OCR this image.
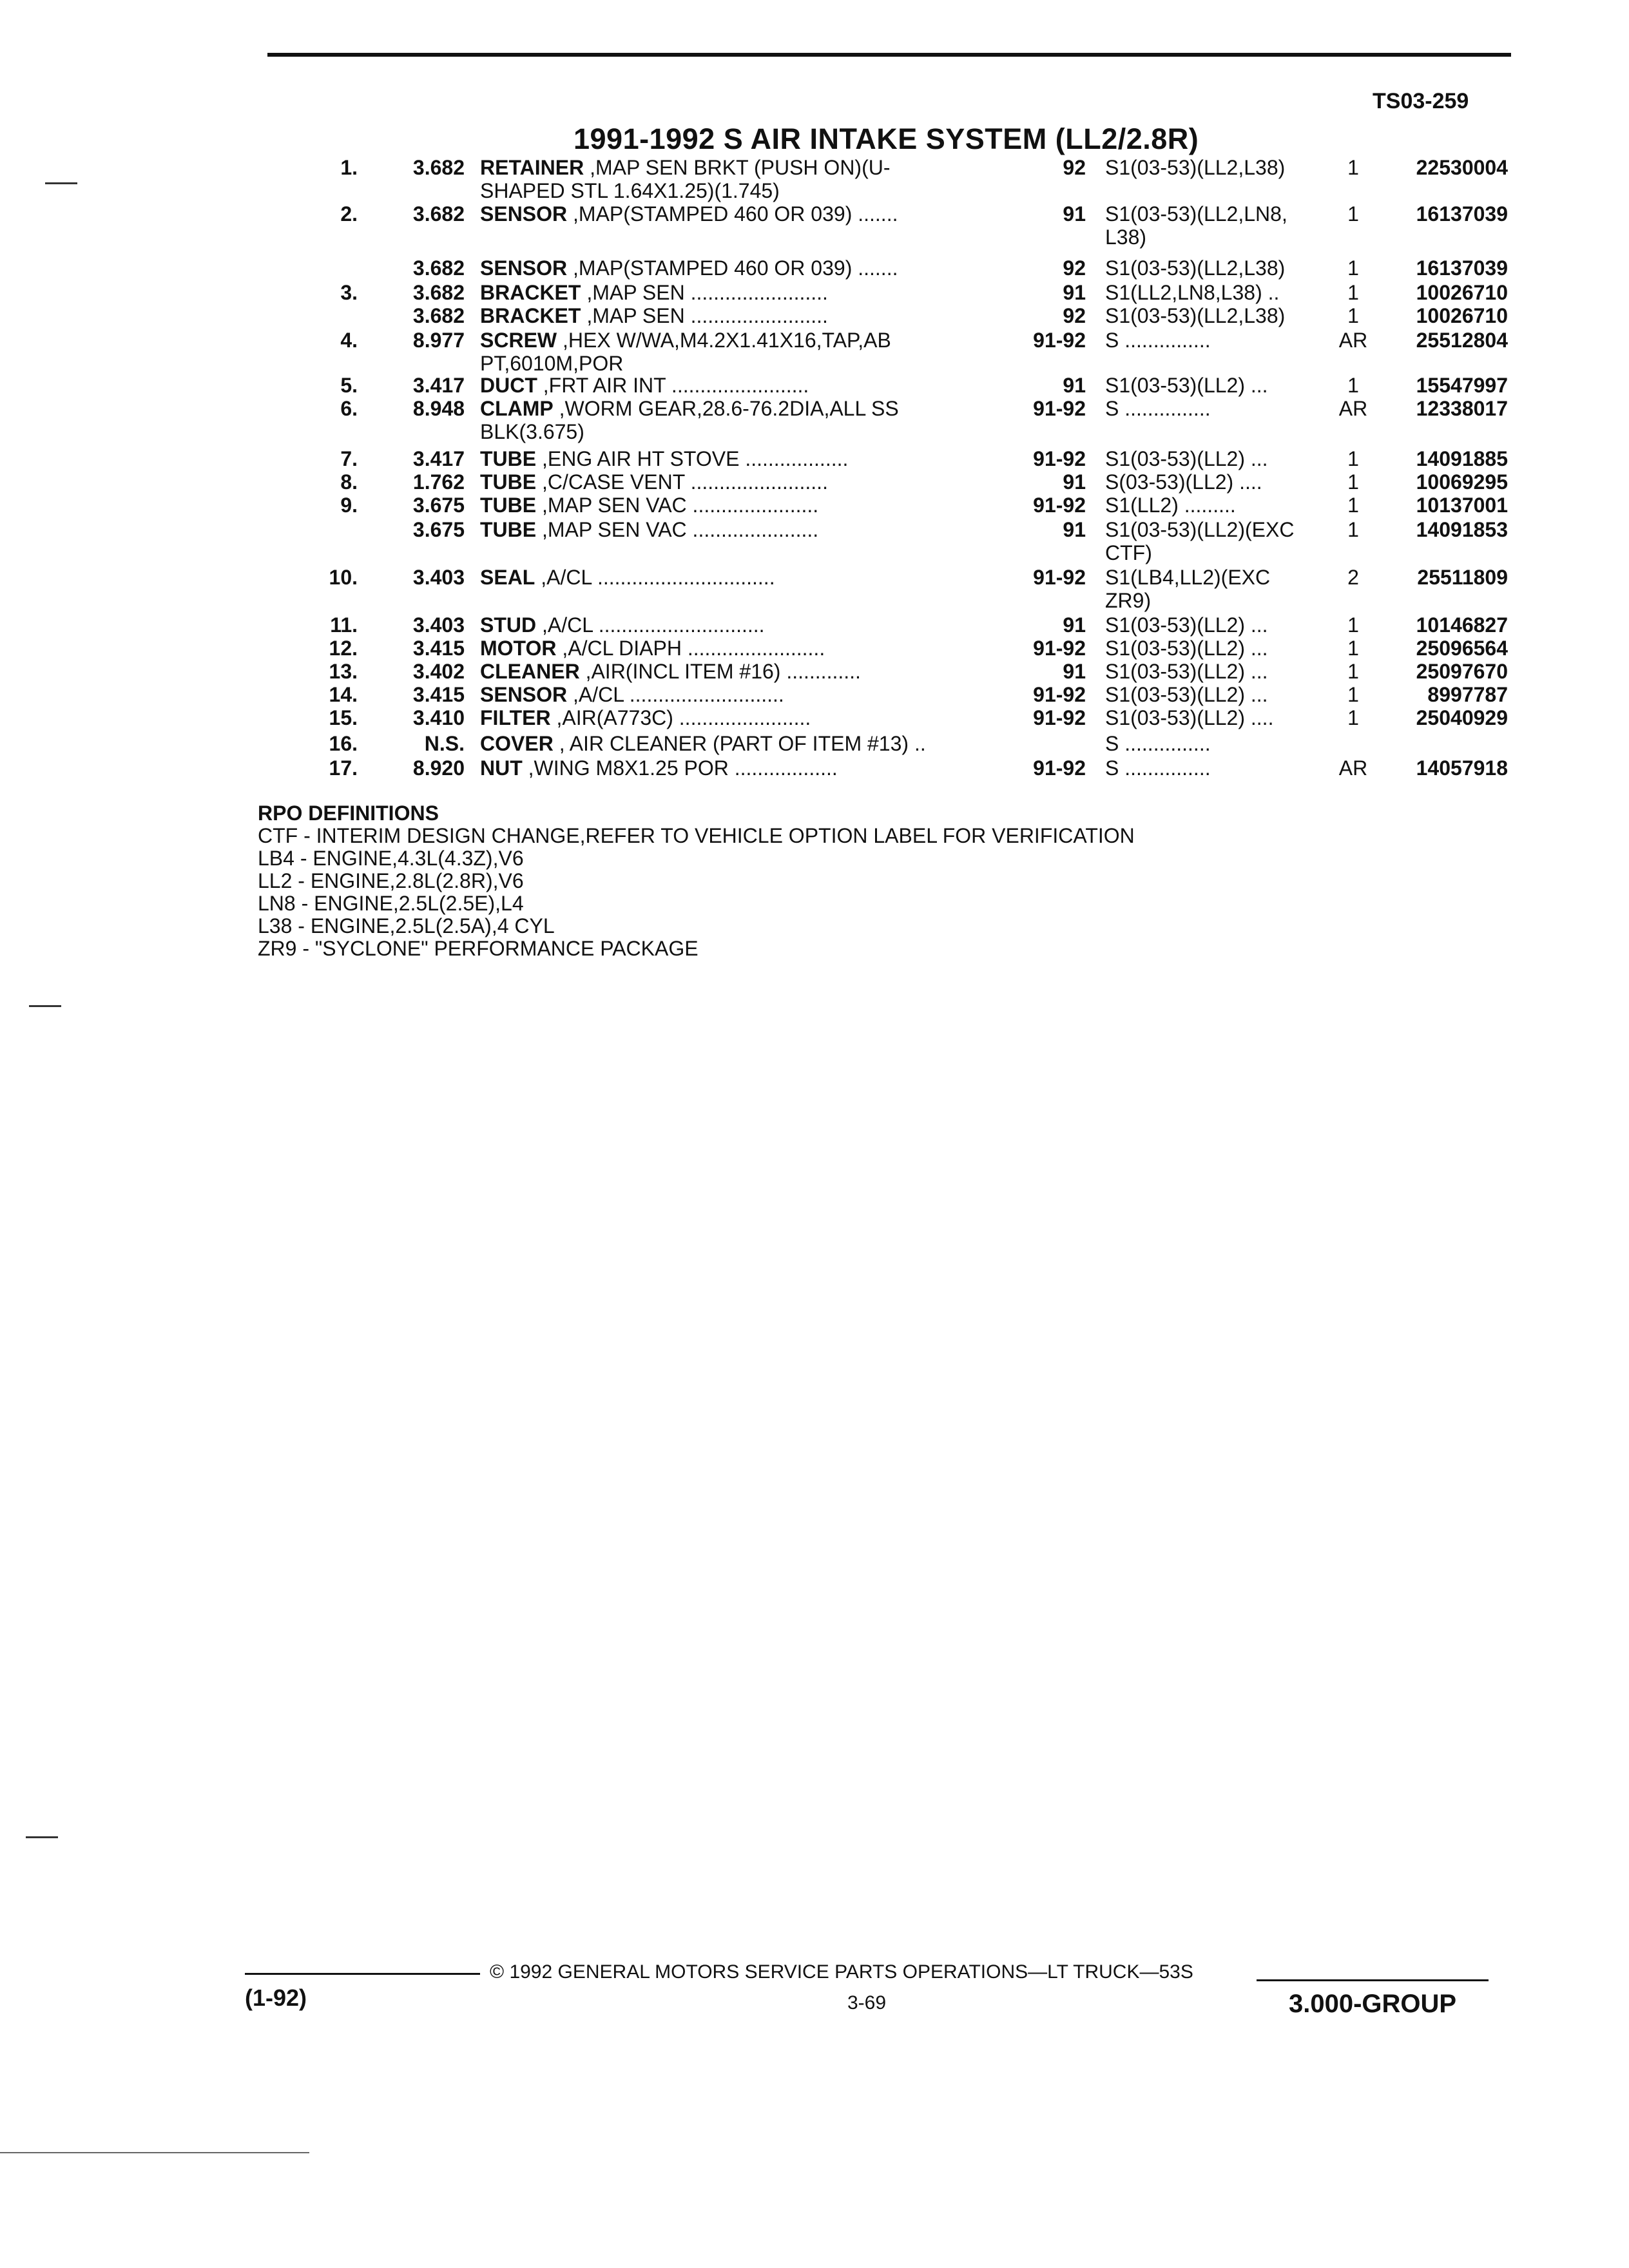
TS03-259
1991-1992 S AIR INTAKE SYSTEM (LL2/2.8R)
1.	3.682 RETAINER ,MAP SEN BRKT (PUSH ON)(U-
SHAPED STL 1.64X1.25)(1.745)
92 S1(03-53)(LL2,L38)	1	22530004
2.	3.682 SENSOR ,MAP(STAMPED 460 OR 039) .......	91 S1(03-53)(LL2,LN8,
L38)
1	16137039
3.682 SENSOR ,MAP(STAMPED 460 OR 039) .......	92 S1(03-53)(LL2,L38)	1	16137039
3.	3.682 BRACKET ,MAP SEN ........................	91 S1(LL2,LN8,L38) ..	1	10026710
3.682 BRACKET ,MAP SEN ........................	92 S1(03-53)(LL2,L38)	1	10026710
4.	8.977 SCREW ,HEX W/WA,M4.2X1.41X16,TAP,AB
PT,6010M,POR
91-92 S ...............	AR	25512804
5.	3.417 DUCT ,FRT AIR INT ........................	91 S1(03-53)(LL2) ...	1	15547997
6.	8.948 CLAMP ,WORM GEAR,28.6-76.2DIA,ALL SS
BLK(3.675)
91-92 S ...............	AR	12338017
7.	3.417 TUBE ,ENG AIR HT STOVE ..................	91-92 S1(03-53)(LL2) ...	1	14091885
8.	1.762 TUBE ,C/CASE VENT ........................	91 S(03-53)(LL2) ....	1	10069295
9.	3.675 TUBE ,MAP SEN VAC ......................	91-92 S1(LL2) .........	1	10137001
3.675 TUBE ,MAP SEN VAC ......................	91 S1(03-53)(LL2)(EXC
CTF)
1	14091853
10.	3.403 SEAL ,A/CL ...............................	91-92 S1(LB4,LL2)(EXC
ZR9)
2	25511809
11.	3.403 STUD ,A/CL .............................	91 S1(03-53)(LL2) ...	1	10146827
12.	3.415 MOTOR ,A/CL DIAPH ........................	91-92 S1(03-53)(LL2) ...	1	25096564
13.	3.402 CLEANER ,AIR(INCL ITEM #16) .............	91 S1(03-53)(LL2) ...	1	25097670
14.	3.415 SENSOR ,A/CL ...........................	91-92 S1(03-53)(LL2) ...	1	8997787
15.	3.410 FILTER ,AIR(A773C) .......................	91-92 S1(03-53)(LL2) ....	1	25040929
16.	N.S. COVER , AIR CLEANER (PART OF ITEM #13) ..	S ...............
17.	8.920 NUT ,WING M8X1.25 POR ..................	91-92 S ...............	AR	14057918
RPO DEFINITIONS
CTF - INTERIM DESIGN CHANGE,REFER TO VEHICLE OPTION LABEL FOR VERIFICATION
LB4 - ENGINE,4.3L(4.3Z),V6
LL2 - ENGINE,2.8L(2.8R),V6
LN8 - ENGINE,2.5L(2.5E),L4
L38 - ENGINE,2.5L(2.5A),4 CYL
ZR9 - "SYCLONE" PERFORMANCE PACKAGE
© 1992 GENERAL MOTORS SERVICE PARTS OPERATIONS—LT TRUCK—53S
(1-92)	3-69	3.000-GROUP
